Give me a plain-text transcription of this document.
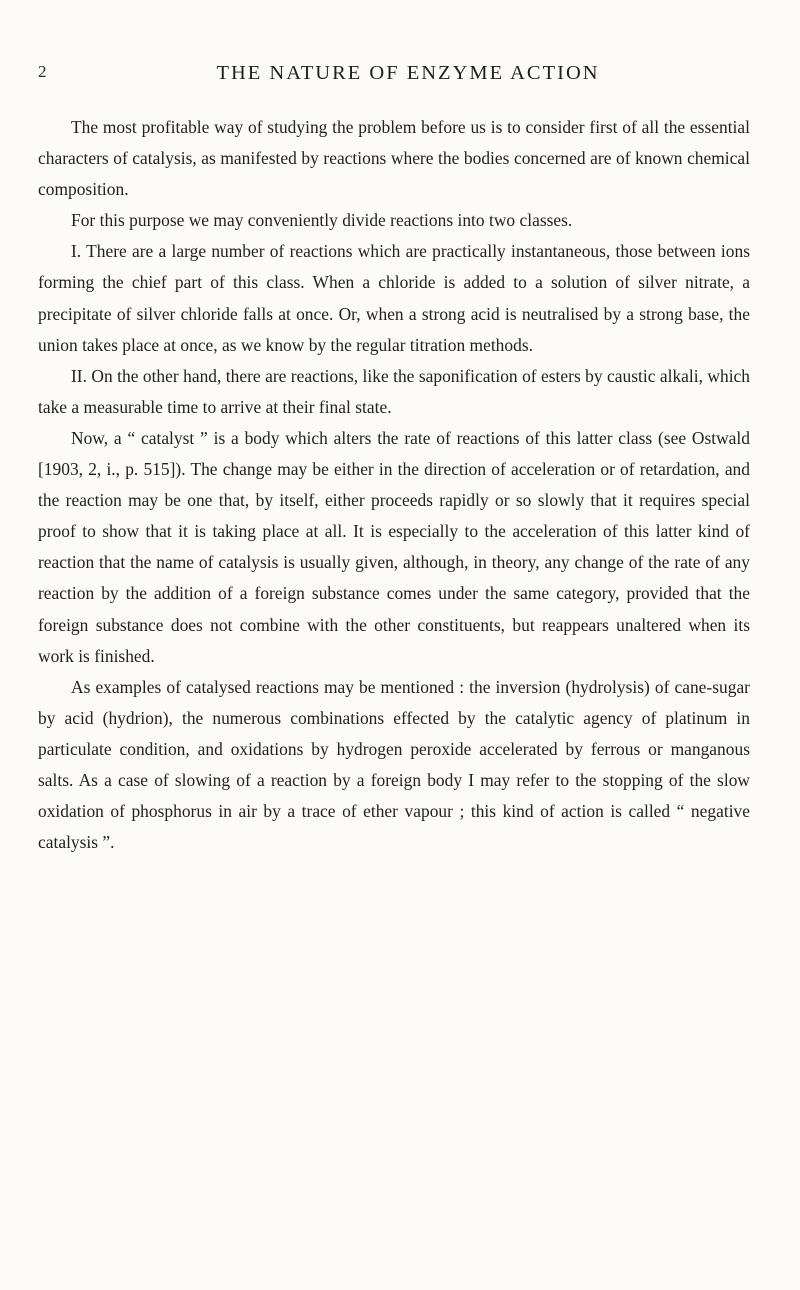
2	THE NATURE OF ENZYME ACTION

The most profitable way of studying the problem before us is to consider first of all the essential characters of catalysis, as manifested by reactions where the bodies concerned are of known chemical composition.

For this purpose we may conveniently divide reactions into two classes.

I. There are a large number of reactions which are practically instantaneous, those between ions forming the chief part of this class. When a chloride is added to a solution of silver nitrate, a precipitate of silver chloride falls at once. Or, when a strong acid is neutralised by a strong base, the union takes place at once, as we know by the regular titration methods.

II. On the other hand, there are reactions, like the saponification of esters by caustic alkali, which take a measurable time to arrive at their final state.

Now, a “ catalyst ” is a body which alters the rate of reactions of this latter class (see Ostwald [1903, 2, i., p. 515]). The change may be either in the direction of acceleration or of retardation, and the reaction may be one that, by itself, either proceeds rapidly or so slowly that it requires special proof to show that it is taking place at all. It is especially to the acceleration of this latter kind of reaction that the name of catalysis is usually given, although, in theory, any change of the rate of any reaction by the addition of a foreign substance comes under the same category, provided that the foreign substance does not combine with the other constituents, but reappears unaltered when its work is finished.

As examples of catalysed reactions may be mentioned : the inversion (hydrolysis) of cane-sugar by acid (hydrion), the numerous combinations effected by the catalytic agency of platinum in particulate condition, and oxidations by hydrogen peroxide accelerated by ferrous or manganous salts. As a case of slowing of a reaction by a foreign body I may refer to the stopping of the slow oxidation of phosphorus in air by a trace of ether vapour ; this kind of action is called “ negative catalysis ”.
